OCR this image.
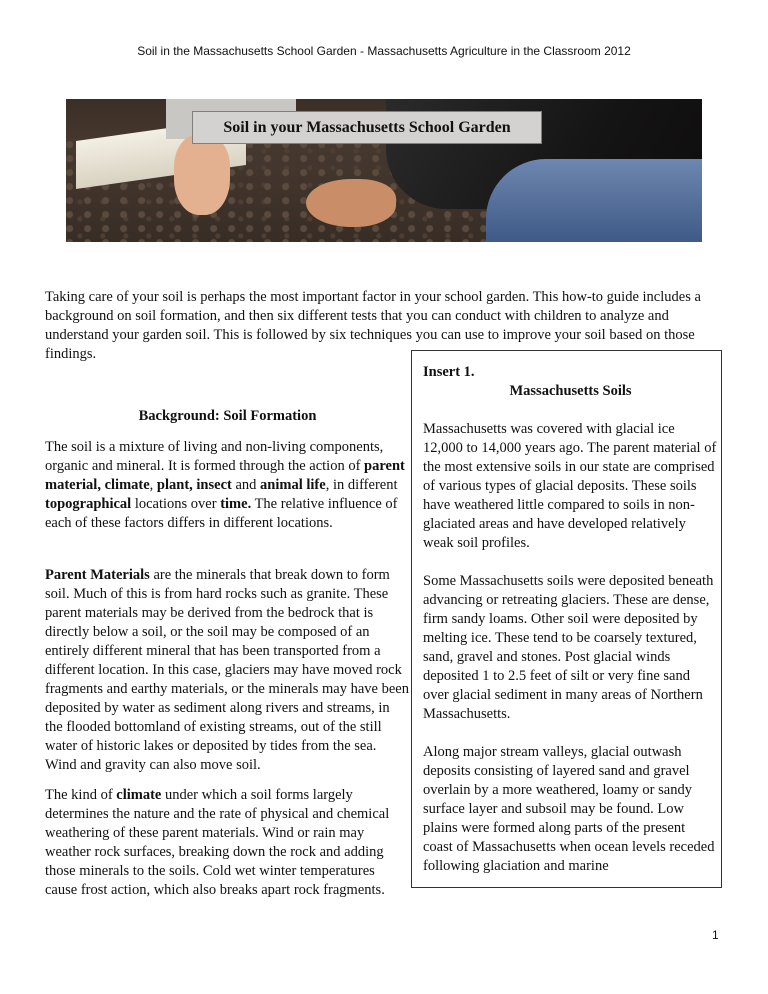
Soil in the Massachusetts School Garden - Massachusetts Agriculture in the Classroom 2012
Soil in your Massachusetts School Garden

Taking care of your soil is perhaps the most important factor in your school garden. This how-to guide includes a background on soil formation, and then six different tests that you can conduct with children to analyze and understand your garden soil. This is followed by six techniques you can use to improve your soil based on those findings.

Background: Soil Formation

The soil is a mixture of living and non-living components, organic and mineral. It is formed through the action of parent material, climate, plant, insect and animal life, in different topographical locations over time. The relative influence of each of these factors differs in different locations.

Parent Materials are the minerals that break down to form soil. Much of this is from hard rocks such as granite. These parent materials may be derived from the bedrock that is directly below a soil, or the soil may be composed of an entirely different mineral that has been transported from a different location. In this case, glaciers may have moved rock fragments and earthy materials, or the minerals may have been deposited by water as sediment along rivers and streams, in the flooded bottomland of existing streams, out of the still water of historic lakes or deposited by tides from the sea. Wind and gravity can also move soil.

The kind of climate under which a soil forms largely determines the nature and the rate of physical and chemical weathering of these parent materials. Wind or rain may weather rock surfaces, breaking down the rock and adding those minerals to the soils. Cold wet winter temperatures cause frost action, which also breaks apart rock fragments.

Insert 1.

Massachusetts Soils

Massachusetts was covered with glacial ice 12,000 to 14,000 years ago. The parent material of the most extensive soils in our state are comprised of various types of glacial deposits. These soils have weathered little compared to soils in non-glaciated areas and have developed relatively weak soil profiles.

Some Massachusetts soils were deposited beneath advancing or retreating glaciers. These are dense, firm sandy loams. Other soil were deposited by melting ice. These tend to be coarsely textured, sand, gravel and stones. Post glacial winds deposited 1 to 2.5 feet of silt or very fine sand over glacial sediment in many areas of Northern Massachusetts.

Along major stream valleys, glacial outwash deposits consisting of layered sand and gravel overlain by a more weathered, loamy or sandy surface layer and subsoil may be found. Low plains were formed along parts of the present coast of Massachusetts when ocean levels receded following glaciation and marine

1
